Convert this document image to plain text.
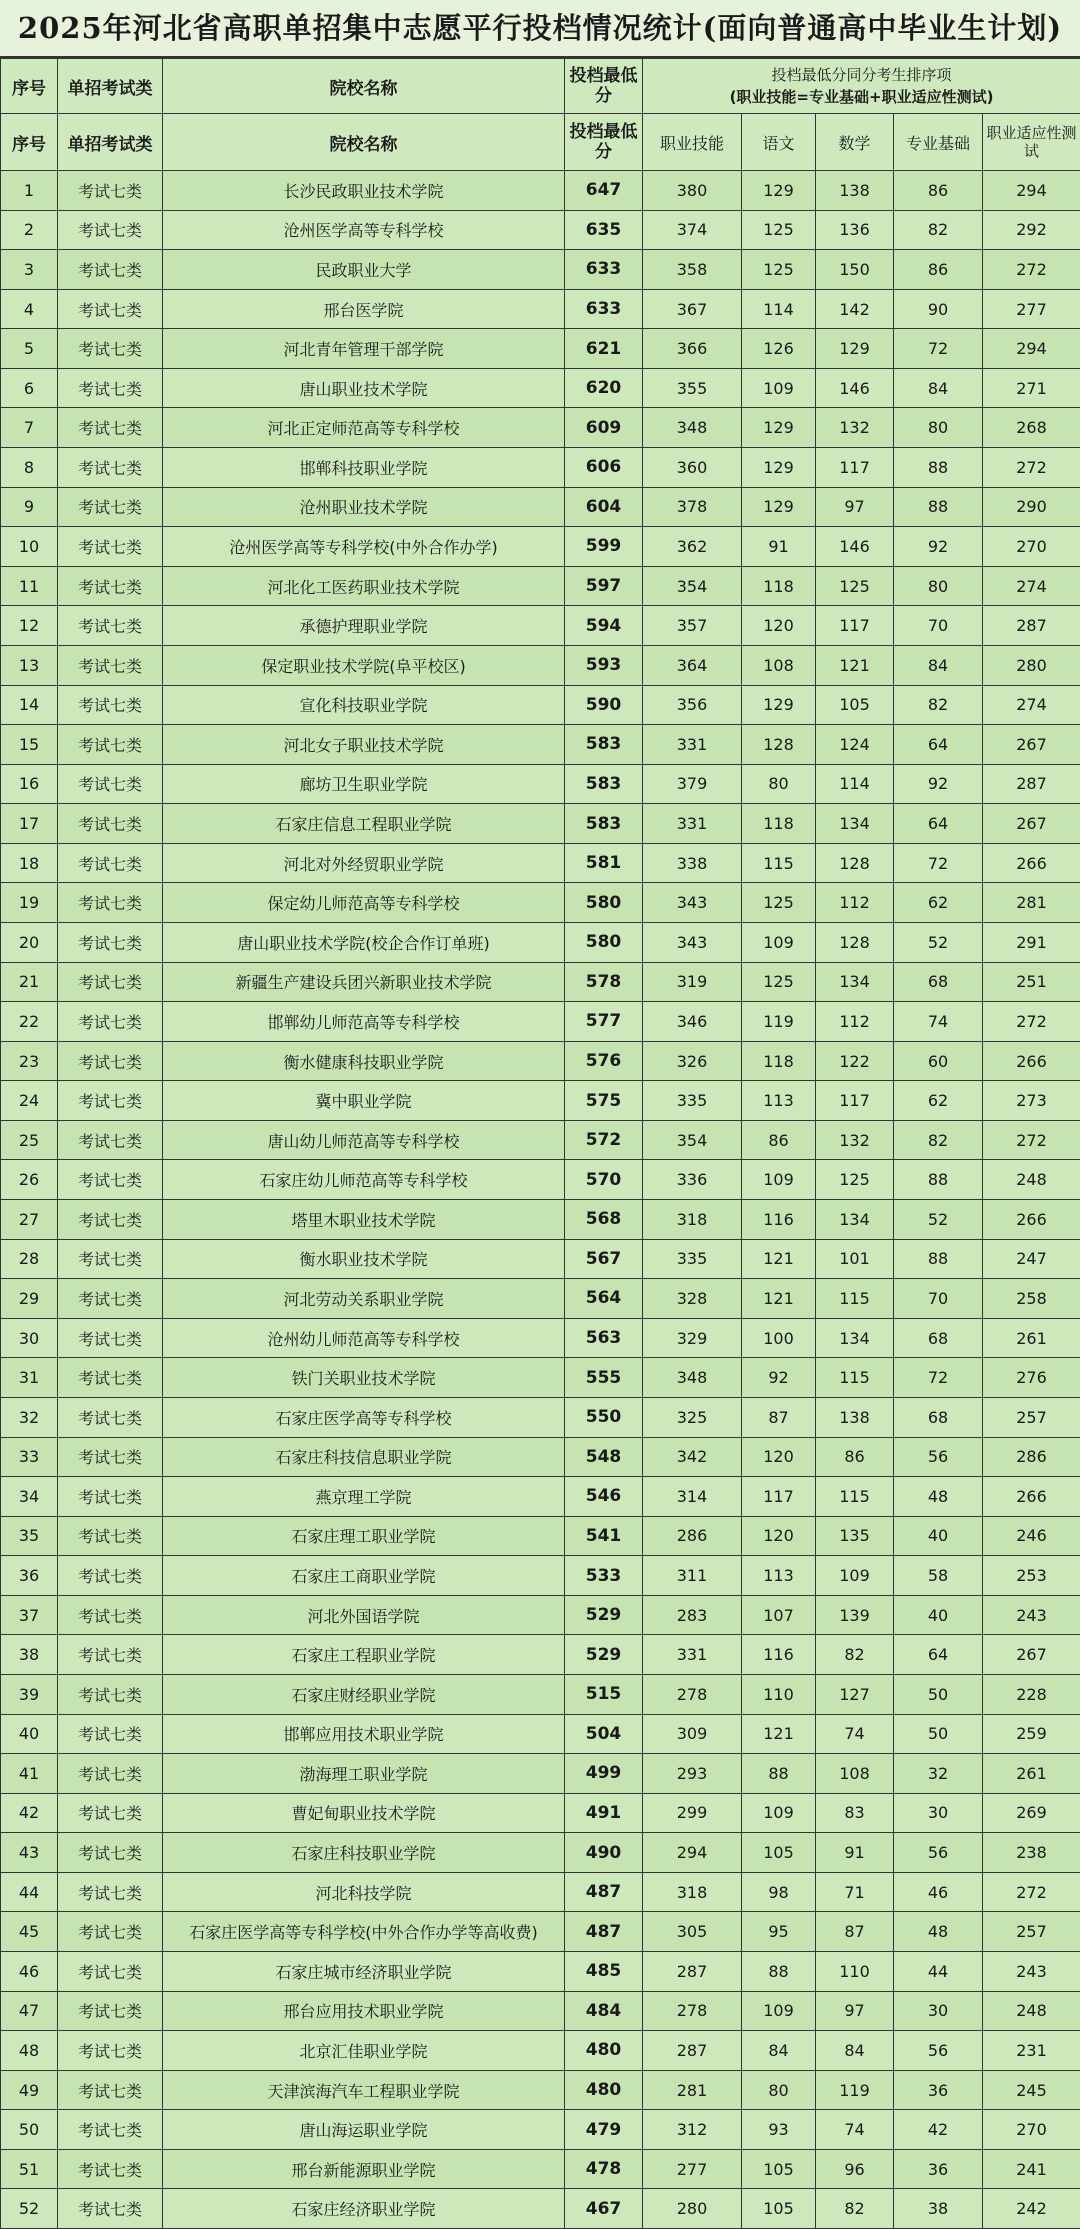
2025年河北省高职单招集中志愿平行投档情况统计(面向普通高中毕业生计划)
序号	单招考试类	院校名称	投档最低分	投档最低分同分考生排序项
(职业技能=专业基础+职业适应性测试)				

序号	单招考试类	院校名称	投档最低分	职业技能	语文	数学	专业基础	职业适应性测试
1	考试七类	长沙民政职业技术学院	647	380	129	138	86	294
2	考试七类	沧州医学高等专科学校	635	374	125	136	82	292
3	考试七类	民政职业大学	633	358	125	150	86	272
4	考试七类	邢台医学院	633	367	114	142	90	277
5	考试七类	河北青年管理干部学院	621	366	126	129	72	294
6	考试七类	唐山职业技术学院	620	355	109	146	84	271
7	考试七类	河北正定师范高等专科学校	609	348	129	132	80	268
8	考试七类	邯郸科技职业学院	606	360	129	117	88	272
9	考试七类	沧州职业技术学院	604	378	129	97	88	290
10	考试七类	沧州医学高等专科学校(中外合作办学)	599	362	91	146	92	270
11	考试七类	河北化工医药职业技术学院	597	354	118	125	80	274
12	考试七类	承德护理职业学院	594	357	120	117	70	287
13	考试七类	保定职业技术学院(阜平校区)	593	364	108	121	84	280
14	考试七类	宣化科技职业学院	590	356	129	105	82	274
15	考试七类	河北女子职业技术学院	583	331	128	124	64	267
16	考试七类	廊坊卫生职业学院	583	379	80	114	92	287
17	考试七类	石家庄信息工程职业学院	583	331	118	134	64	267
18	考试七类	河北对外经贸职业学院	581	338	115	128	72	266
19	考试七类	保定幼儿师范高等专科学校	580	343	125	112	62	281
20	考试七类	唐山职业技术学院(校企合作订单班)	580	343	109	128	52	291
21	考试七类	新疆生产建设兵团兴新职业技术学院	578	319	125	134	68	251
22	考试七类	邯郸幼儿师范高等专科学校	577	346	119	112	74	272
23	考试七类	衡水健康科技职业学院	576	326	118	122	60	266
24	考试七类	冀中职业学院	575	335	113	117	62	273
25	考试七类	唐山幼儿师范高等专科学校	572	354	86	132	82	272
26	考试七类	石家庄幼儿师范高等专科学校	570	336	109	125	88	248
27	考试七类	塔里木职业技术学院	568	318	116	134	52	266
28	考试七类	衡水职业技术学院	567	335	121	101	88	247
29	考试七类	河北劳动关系职业学院	564	328	121	115	70	258
30	考试七类	沧州幼儿师范高等专科学校	563	329	100	134	68	261
31	考试七类	铁门关职业技术学院	555	348	92	115	72	276
32	考试七类	石家庄医学高等专科学校	550	325	87	138	68	257
33	考试七类	石家庄科技信息职业学院	548	342	120	86	56	286
34	考试七类	燕京理工学院	546	314	117	115	48	266
35	考试七类	石家庄理工职业学院	541	286	120	135	40	246
36	考试七类	石家庄工商职业学院	533	311	113	109	58	253
37	考试七类	河北外国语学院	529	283	107	139	40	243
38	考试七类	石家庄工程职业学院	529	331	116	82	64	267
39	考试七类	石家庄财经职业学院	515	278	110	127	50	228
40	考试七类	邯郸应用技术职业学院	504	309	121	74	50	259
41	考试七类	渤海理工职业学院	499	293	88	108	32	261
42	考试七类	曹妃甸职业技术学院	491	299	109	83	30	269
43	考试七类	石家庄科技职业学院	490	294	105	91	56	238
44	考试七类	河北科技学院	487	318	98	71	46	272
45	考试七类	石家庄医学高等专科学校(中外合作办学等高收费)	487	305	95	87	48	257
46	考试七类	石家庄城市经济职业学院	485	287	88	110	44	243
47	考试七类	邢台应用技术职业学院	484	278	109	97	30	248
48	考试七类	北京汇佳职业学院	480	287	84	84	56	231
49	考试七类	天津滨海汽车工程职业学院	480	281	80	119	36	245
50	考试七类	唐山海运职业学院	479	312	93	74	42	270
51	考试七类	邢台新能源职业学院	478	277	105	96	36	241
52	考试七类	石家庄经济职业学院	467	280	105	82	38	242
